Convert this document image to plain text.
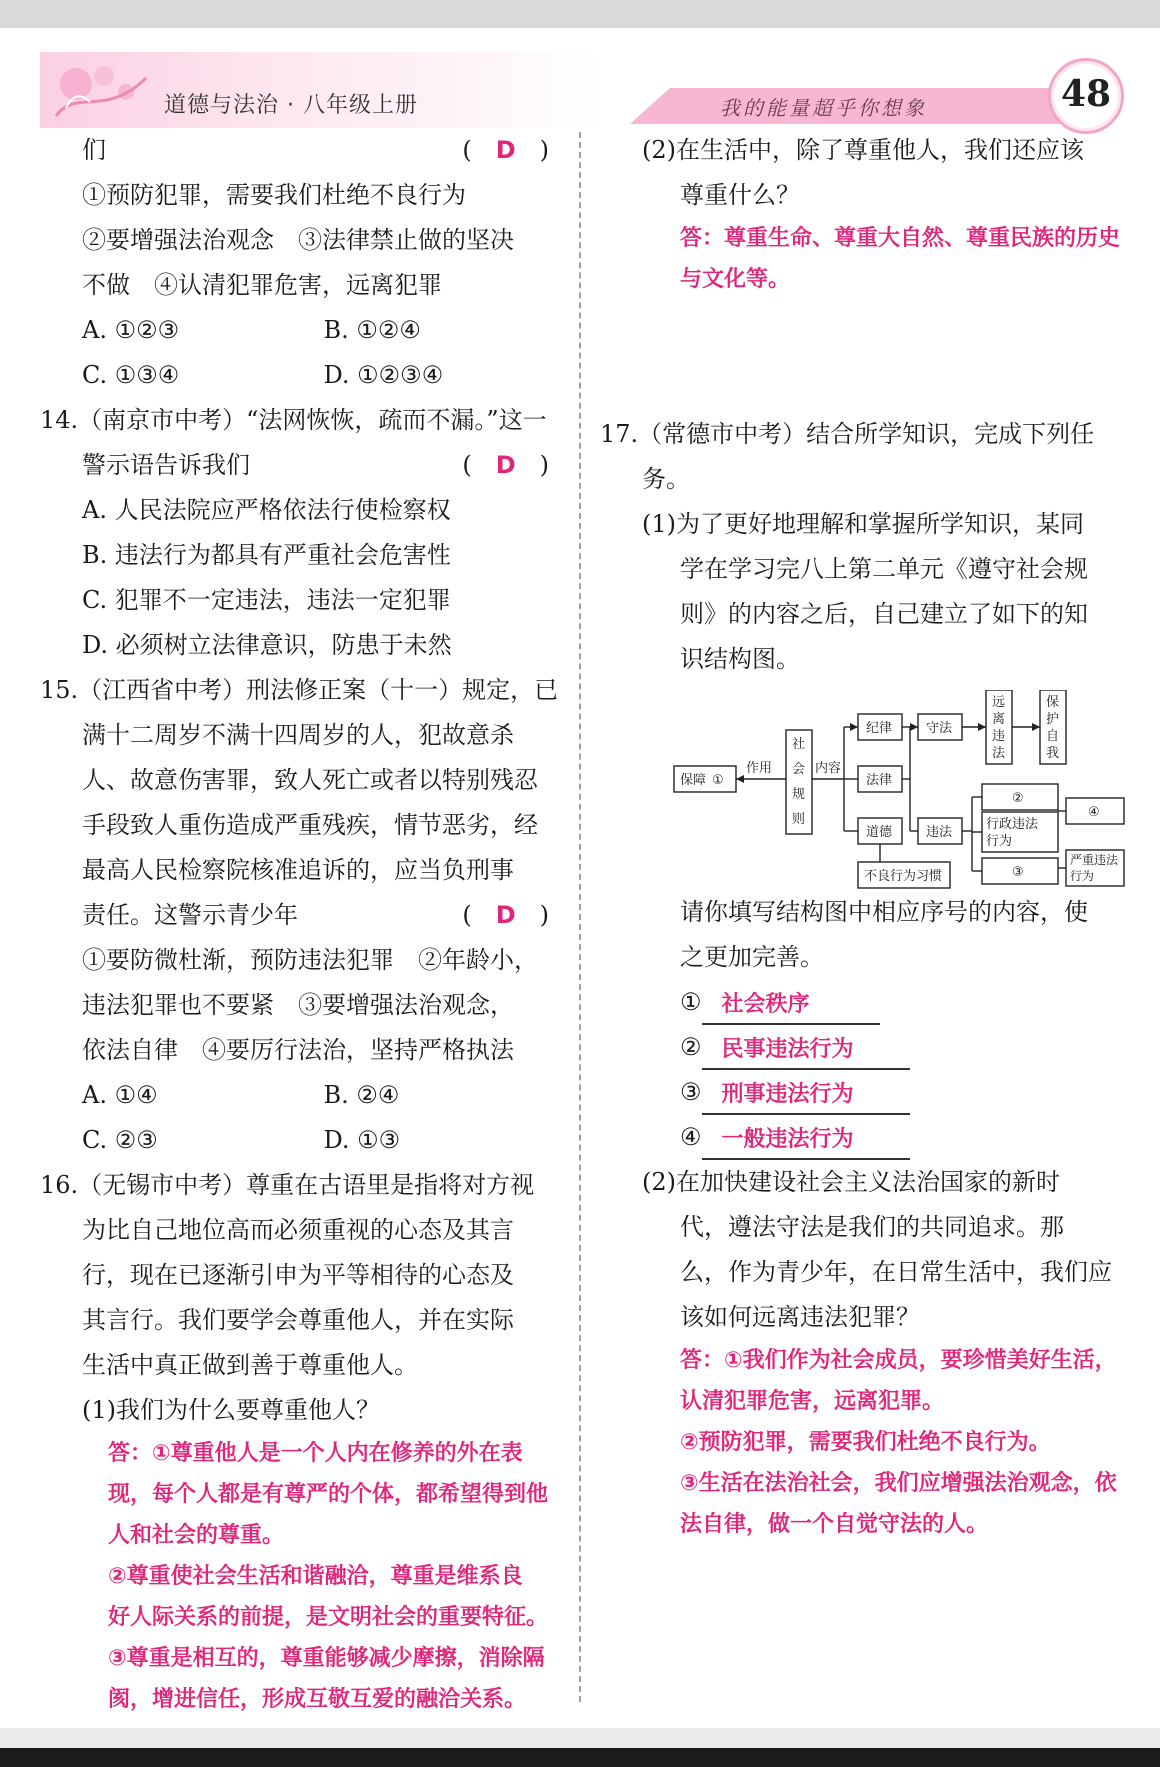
道德与法治 · 八年级上册	我的能量超乎你想象	48
们	(　D　)
①预防犯罪，需要我们杜绝不良行为
②要增强法治观念　③法律禁止做的坚决
不做　④认清犯罪危害，远离犯罪
A. ①②③	B. ①②④
C. ①③④	D. ①②③④
14.（南京市中考）“法网恢恢，疏而不漏。”这一
警示语告诉我们	(　D　)
A. 人民法院应严格依法行使检察权
B. 违法行为都具有严重社会危害性
C. 犯罪不一定违法，违法一定犯罪
D. 必须树立法律意识，防患于未然
15.（江西省中考）刑法修正案（十一）规定，已
满十二周岁不满十四周岁的人，犯故意杀
人、故意伤害罪，致人死亡或者以特别残忍
手段致人重伤造成严重残疾，情节恶劣，经
最高人民检察院核准追诉的，应当负刑事
责任。这警示青少年	(　D　)
①要防微杜渐，预防违法犯罪　②年龄小，
违法犯罪也不要紧　③要增强法治观念，
依法自律　④要厉行法治，坚持严格执法
A. ①④	B. ②④
C. ②③	D. ①③
16.（无锡市中考）尊重在古语里是指将对方视
为比自己地位高而必须重视的心态及其言
行，现在已逐渐引申为平等相待的心态及
其言行。我们要学会尊重他人，并在实际
生活中真正做到善于尊重他人。
(1)我们为什么要尊重他人？
答：①尊重他人是一个人内在修养的外在表
现，每个人都是有尊严的个体，都希望得到他
人和社会的尊重。
②尊重使社会生活和谐融洽，尊重是维系良
好人际关系的前提，是文明社会的重要特征。
③尊重是相互的，尊重能够减少摩擦，消除隔
阂，增进信任，形成互敬互爱的融洽关系。
(2)在生活中，除了尊重他人，我们还应该
尊重什么？
答：尊重生命、尊重大自然、尊重民族的历史
与文化等。
17.（常德市中考）结合所学知识，完成下列任
务。
(1)为了更好地理解和掌握所学知识，某同
学在学习完八上第二单元《遵守社会规
则》的内容之后，自己建立了如下的知
识结构图。
保障 ①
作用
社
会
规
则
内容
纪律
法律
道德
守法
违法
远
离
违
法
保
护
自
我
②
行政违法
行为
③
④
严重违法
行为
不良行为习惯
请你填写结构图中相应序号的内容，使
之更加完善。
① 社会秩序
② 民事违法行为
③ 刑事违法行为
④ 一般违法行为
(2)在加快建设社会主义法治国家的新时
代，遵法守法是我们的共同追求。那
么，作为青少年，在日常生活中，我们应
该如何远离违法犯罪？
答：①我们作为社会成员，要珍惜美好生活，
认清犯罪危害，远离犯罪。
②预防犯罪，需要我们杜绝不良行为。
③生活在法治社会，我们应增强法治观念，依
法自律，做一个自觉守法的人。
